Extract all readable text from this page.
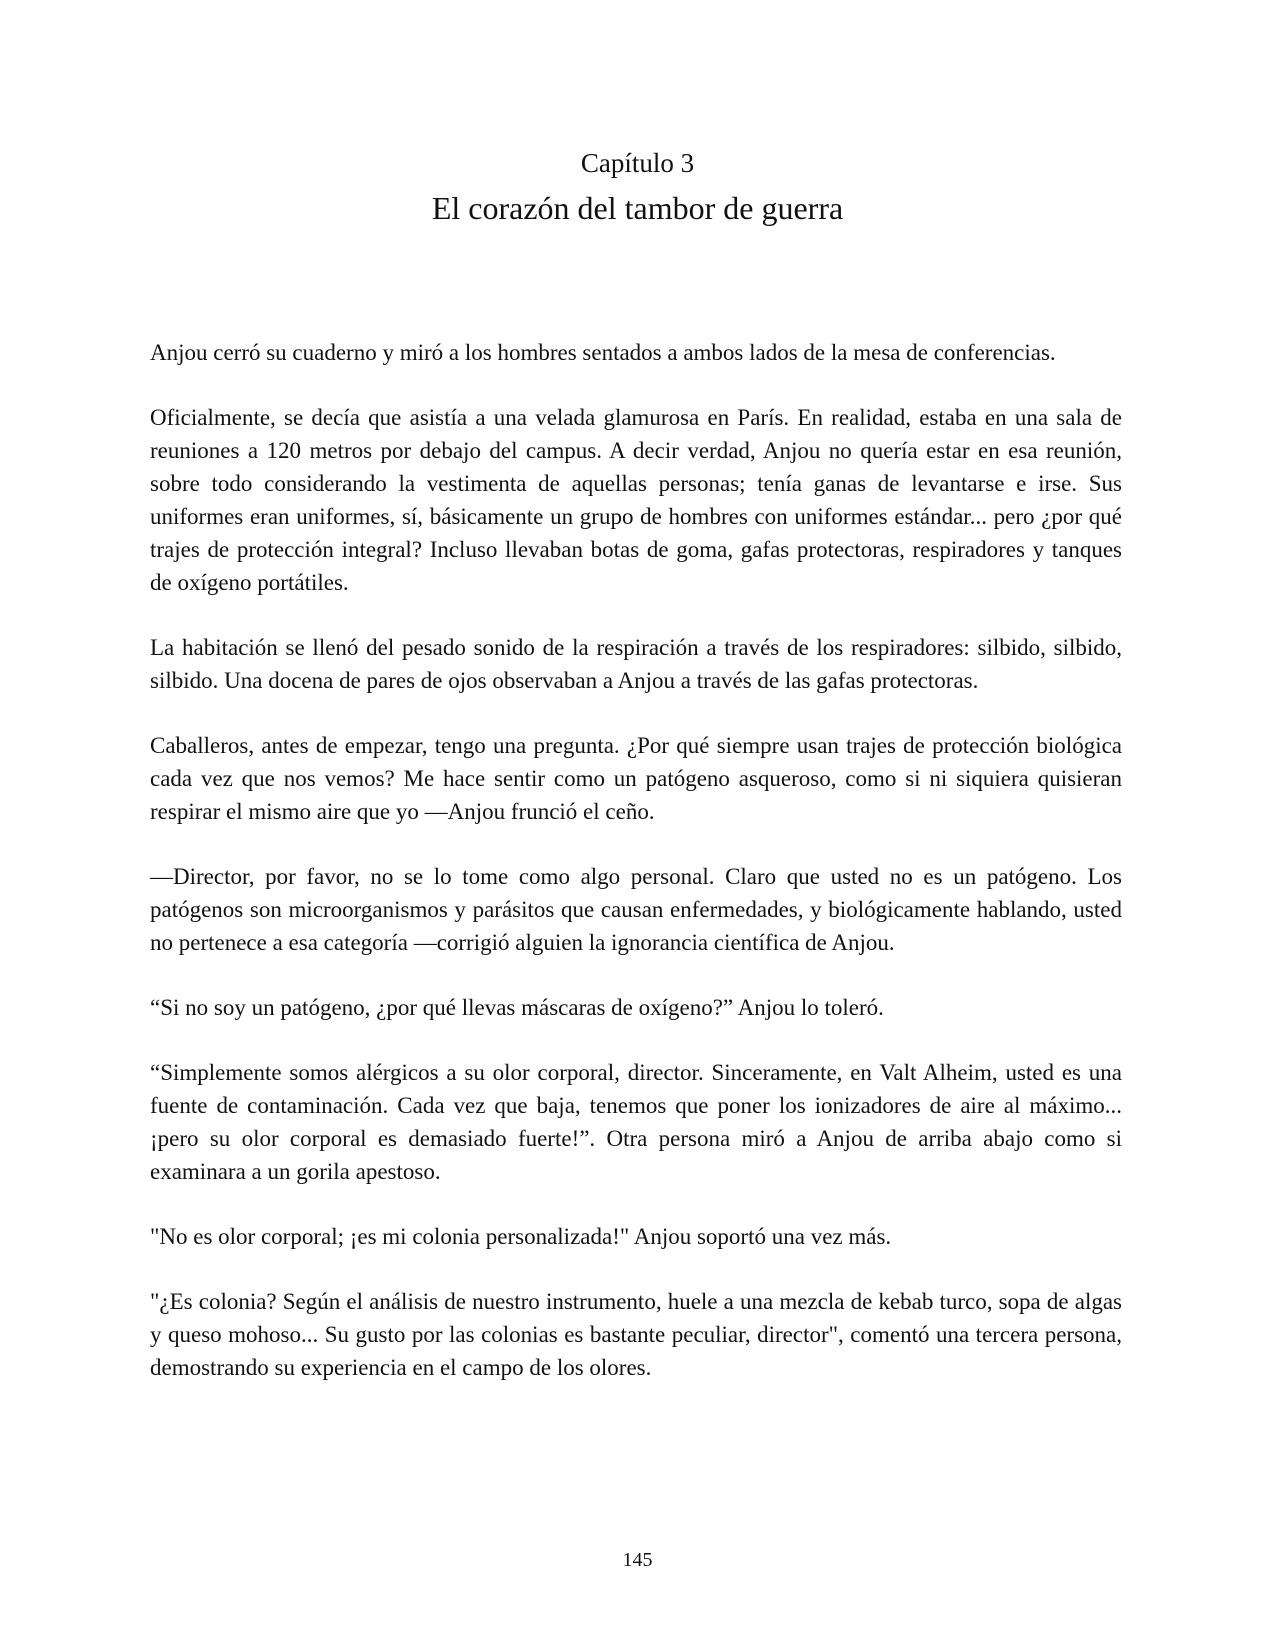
Capítulo 3
El corazón del tambor de guerra

Anjou cerró su cuaderno y miró a los hombres sentados a ambos lados de la mesa de conferencias.

Oficialmente, se decía que asistía a una velada glamurosa en París. En realidad, estaba en una sala de reuniones a 120 metros por debajo del campus. A decir verdad, Anjou no quería estar en esa reunión, sobre todo considerando la vestimenta de aquellas personas; tenía ganas de levantarse e irse. Sus uniformes eran uniformes, sí, básicamente un grupo de hombres con uniformes estándar... pero ¿por qué trajes de protección integral? Incluso llevaban botas de goma, gafas protectoras, respiradores y tanques de oxígeno portátiles.

La habitación se llenó del pesado sonido de la respiración a través de los respiradores: silbido, silbido, silbido. Una docena de pares de ojos observaban a Anjou a través de las gafas protectoras.

Caballeros, antes de empezar, tengo una pregunta. ¿Por qué siempre usan trajes de protección biológica cada vez que nos vemos? Me hace sentir como un patógeno asqueroso, como si ni siquiera quisieran respirar el mismo aire que yo —Anjou frunció el ceño.

—Director, por favor, no se lo tome como algo personal. Claro que usted no es un patógeno. Los patógenos son microorganismos y parásitos que causan enfermedades, y biológicamente hablando, usted no pertenece a esa categoría —corrigió alguien la ignorancia científica de Anjou.

“Si no soy un patógeno, ¿por qué llevas máscaras de oxígeno?” Anjou lo toleró.

“Simplemente somos alérgicos a su olor corporal, director. Sinceramente, en Valt Alheim, usted es una fuente de contaminación. Cada vez que baja, tenemos que poner los ionizadores de aire al máximo... ¡pero su olor corporal es demasiado fuerte!”. Otra persona miró a Anjou de arriba abajo como si examinara a un gorila apestoso.

"No es olor corporal; ¡es mi colonia personalizada!" Anjou soportó una vez más.

"¿Es colonia? Según el análisis de nuestro instrumento, huele a una mezcla de kebab turco, sopa de algas y queso mohoso... Su gusto por las colonias es bastante peculiar, director", comentó una tercera persona, demostrando su experiencia en el campo de los olores.

145
